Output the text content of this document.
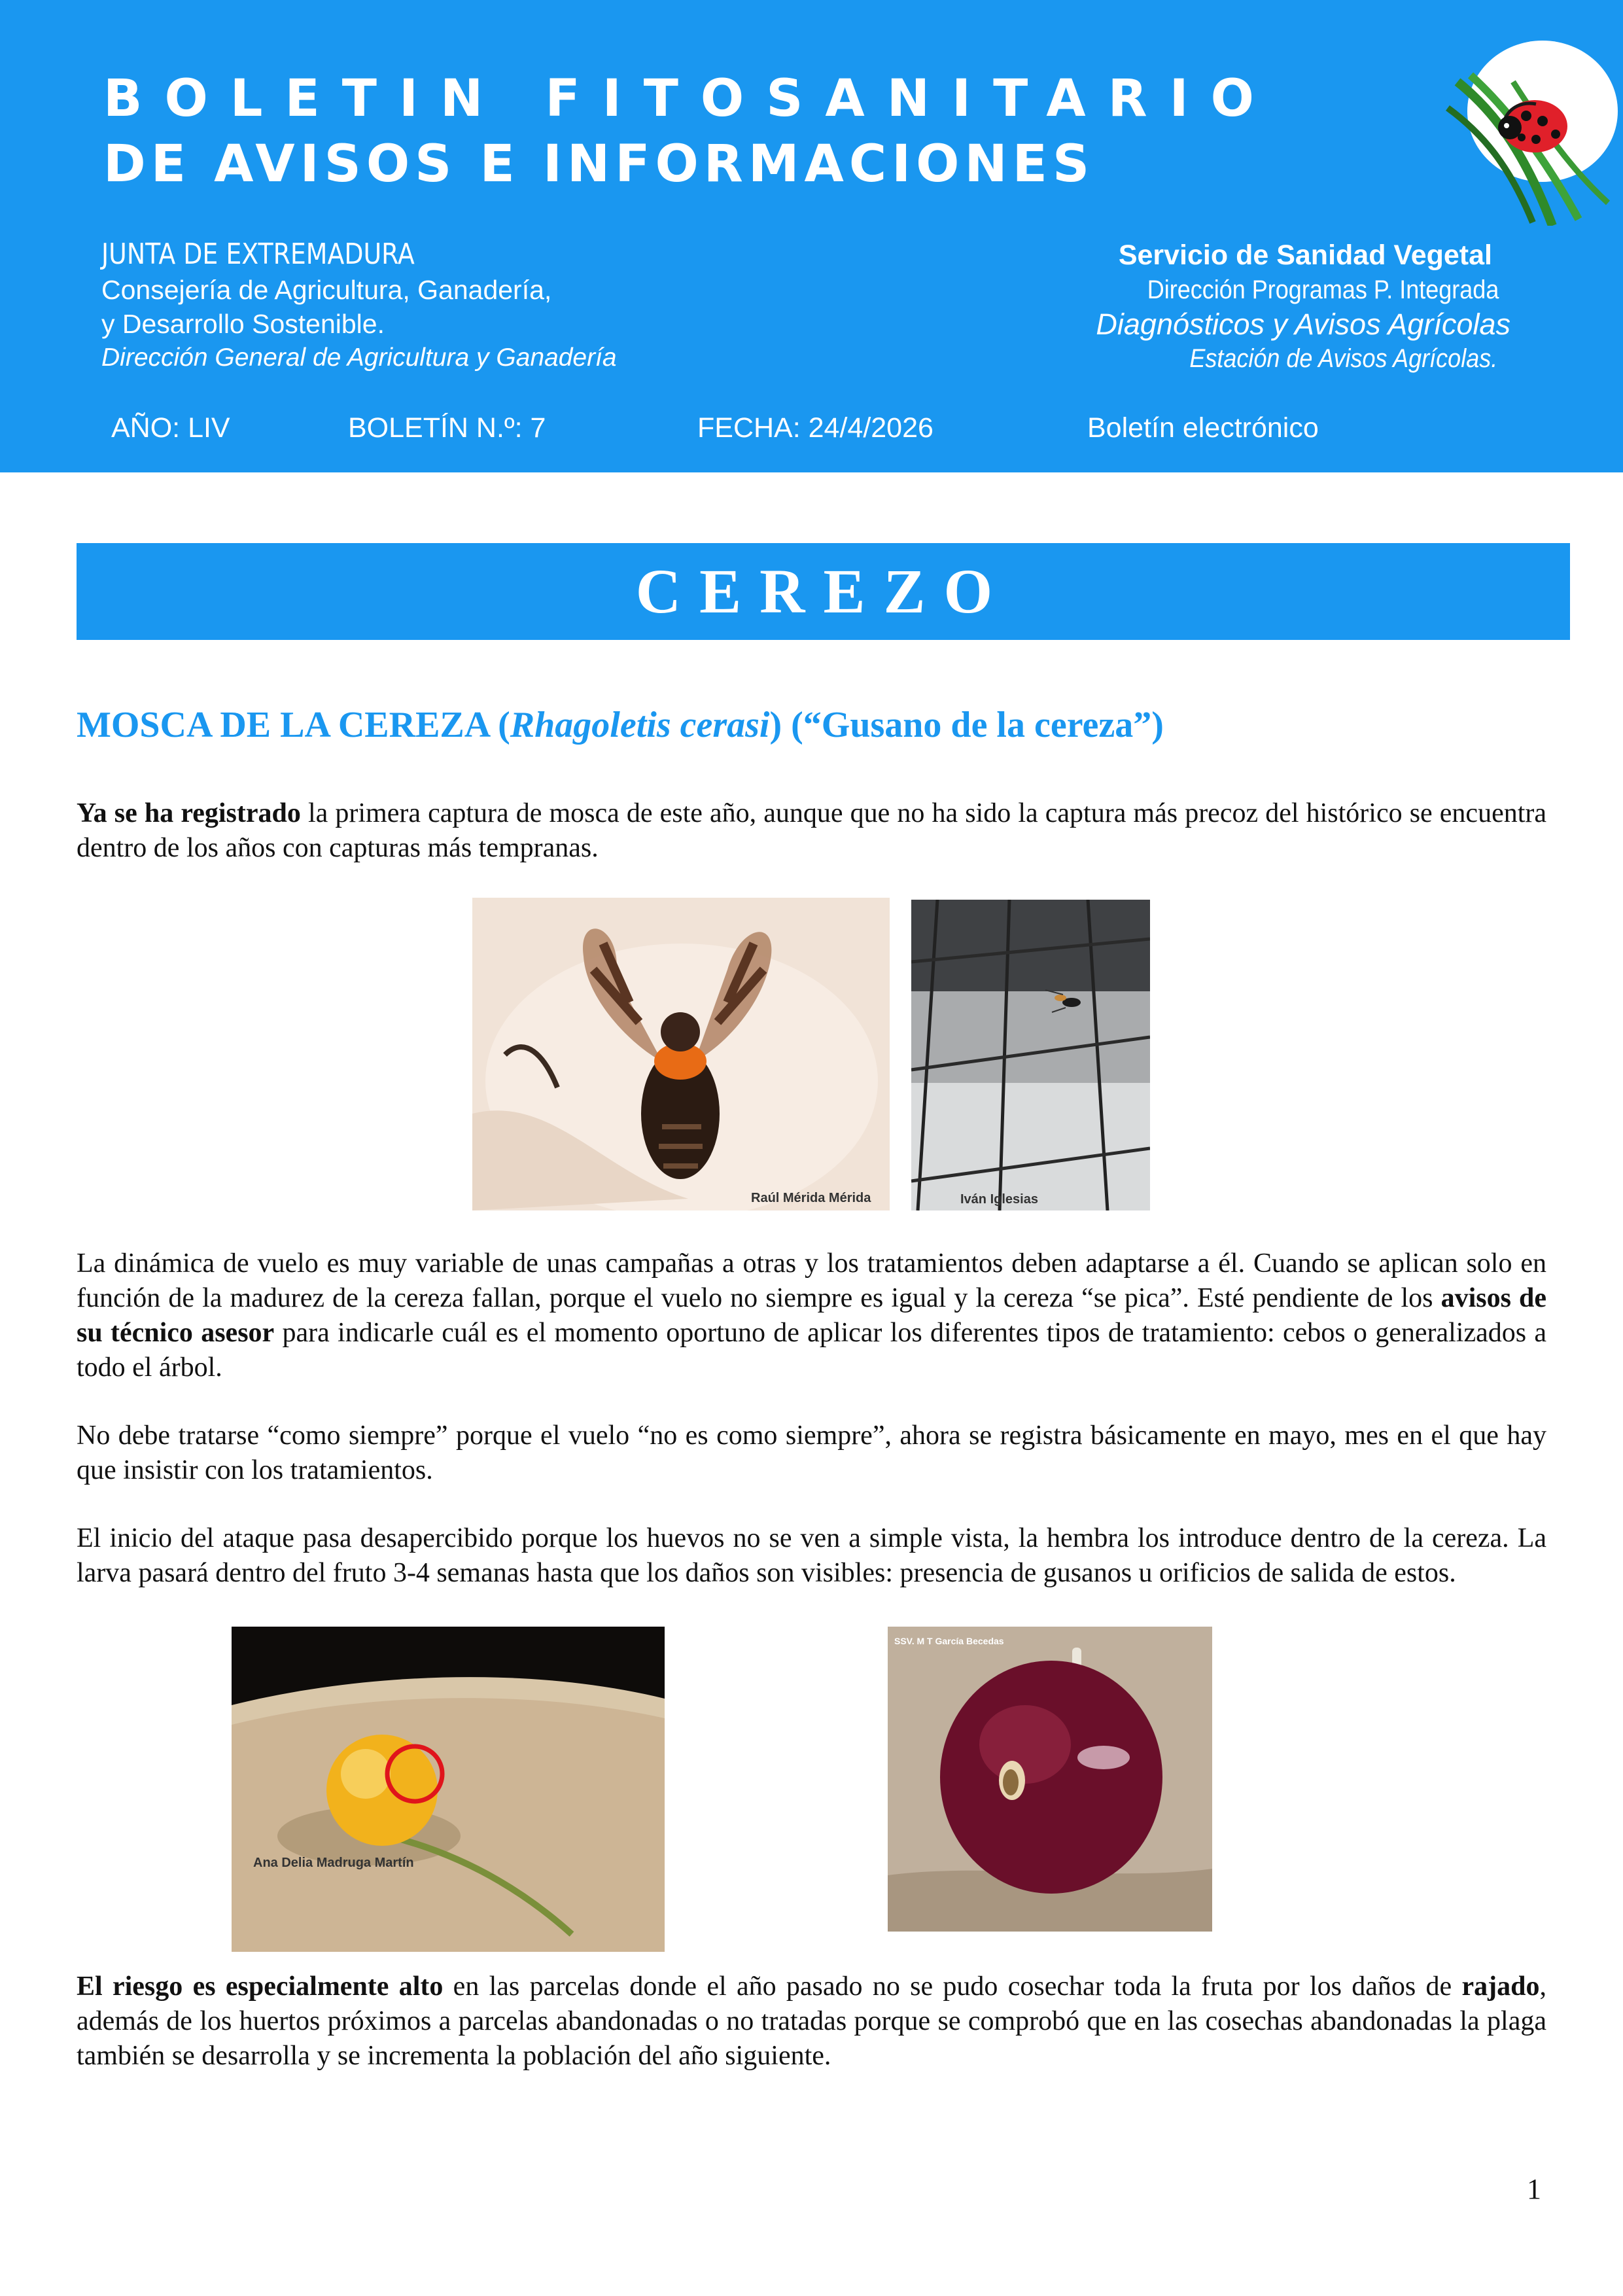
BOLETIN FITOSANITARIO

DE AVISOS E INFORMACIONES

JUNTA DE EXTREMADURA

Consejería de Agricultura, Ganadería,

y Desarrollo Sostenible.

Dirección General de Agricultura y Ganadería

Servicio de Sanidad Vegetal

Dirección Programas P. Integrada

Diagnósticos y Avisos Agrícolas

Estación de Avisos Agrícolas.

AÑO: LIV	BOLETÍN N.º: 7	FECHA: 24/4/2026	Boletín electrónico

CEREZO
MOSCA DE LA CEREZA (Rhagoletis cerasi) (“Gusano de la cereza”)

Ya se ha registrado la primera captura de mosca de este año, aunque que no ha sido la captura más precoz del histórico se encuentra dentro de los años con capturas más tempranas.

Raúl Mérida Mérida	Iván Iglesias

La dinámica de vuelo es muy variable de unas campañas a otras y los tratamientos deben adaptarse a él. Cuando se aplican solo en función de la madurez de la cereza fallan, porque el vuelo no siempre es igual y la cereza “se pica”. Esté pendiente de los avisos de su técnico asesor para indicarle cuál es el momento oportuno de aplicar los diferentes tipos de tratamiento: cebos o generalizados a todo el árbol.

No debe tratarse “como siempre” porque el vuelo “no es como siempre”, ahora se registra básicamente en mayo, mes en el que hay que insistir con los tratamientos.

El inicio del ataque pasa desapercibido porque los huevos no se ven a simple vista, la hembra los introduce dentro de la cereza. La larva pasará dentro del fruto 3-4 semanas hasta que los daños son visibles: presencia de gusanos u orificios de salida de estos.

Ana Delia Madruga Martín

SSV. M T García Becedas

El riesgo es especialmente alto en las parcelas donde el año pasado no se pudo cosechar toda la fruta por los daños de rajado, además de los huertos próximos a parcelas abandonadas o no tratadas porque se comprobó que en las cosechas abandonadas la plaga también se desarrolla y se incrementa la población del año siguiente.

1
